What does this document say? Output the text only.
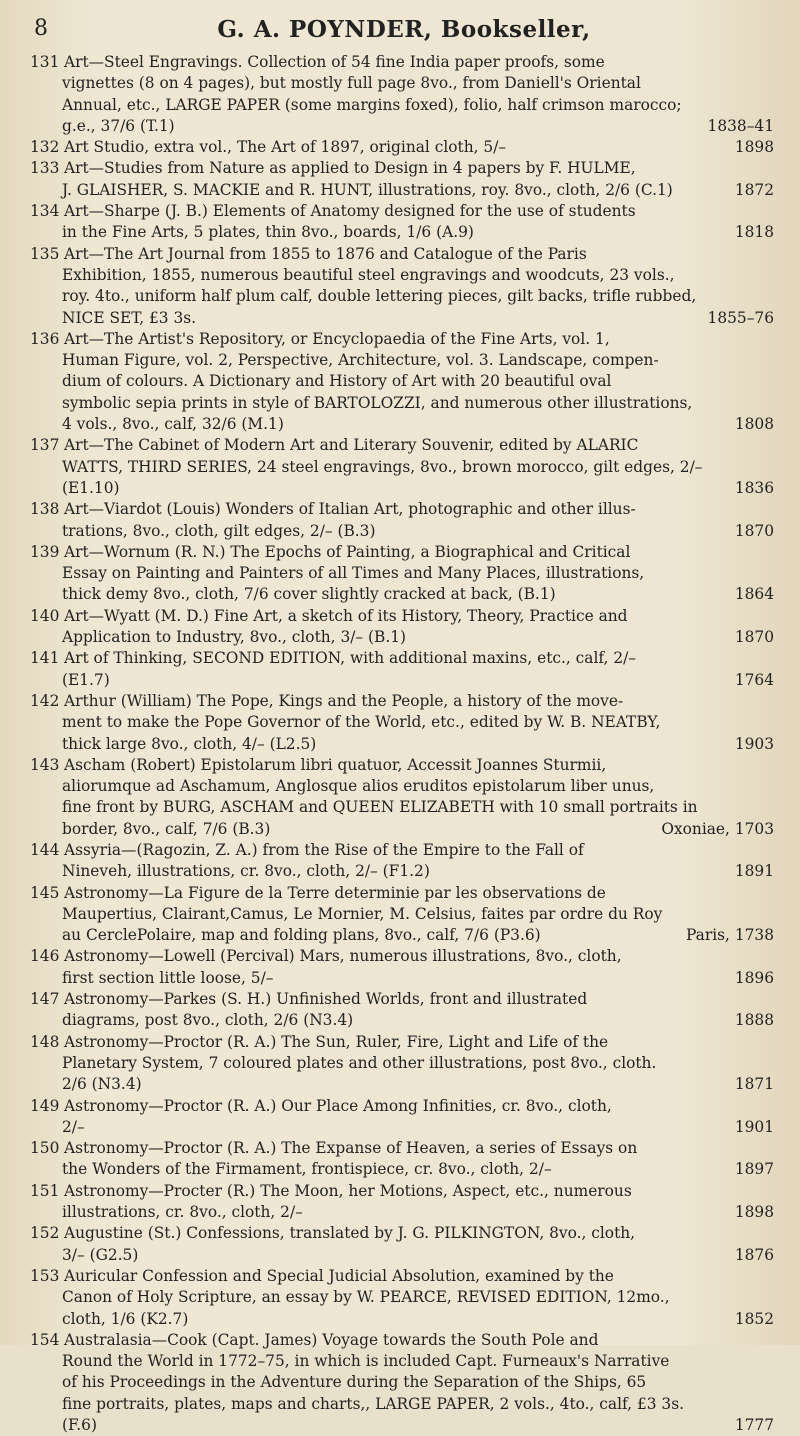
8	G. A. POYNDER, Bookseller,
131 Art—Steel Engravings. Collection of 54 fine India paper proofs, some
vignettes (8 on 4 pages), but mostly full page 8vo., from Daniell's Oriental
Annual, etc., LARGE PAPER (some margins foxed), folio, half crimson marocco;
1838–41
g.e., 37/6 (T.1)
132	1898
Art Studio, extra vol., The Art of 1897, original cloth, 5/–
133 Art—Studies from Nature as applied to Design in 4 papers by F. HULME,
1872
J. GLAISHER, S. MACKIE and R. HUNT, illustrations, roy. 8vo., cloth, 2/6 (C.1)
134 Art—Sharpe (J. B.) Elements of Anatomy designed for the use of students
1818
in the Fine Arts, 5 plates, thin 8vo., boards, 1/6 (A.9)
135 Art—The Art Journal from 1855 to 1876 and Catalogue of the Paris
Exhibition, 1855, numerous beautiful steel engravings and woodcuts, 23 vols.,
roy. 4to., uniform half plum calf, double lettering pieces, gilt backs, trifle rubbed,
1855–76
NICE SET, £3 3s.
136 Art—The Artist's Repository, or Encyclopaedia of the Fine Arts, vol. 1,
Human Figure, vol. 2, Perspective, Architecture, vol. 3. Landscape, compen-
dium of colours. A Dictionary and History of Art with 20 beautiful oval
symbolic sepia prints in style of BARTOLOZZI, and numerous other illustrations,
1808
4 vols., 8vo., calf, 32/6 (M.1)
137 Art—The Cabinet of Modern Art and Literary Souvenir, edited by ALARIC
WATTS, THIRD SERIES, 24 steel engravings, 8vo., brown morocco, gilt edges, 2/–
1836
(E1.10)
138 Art—Viardot (Louis) Wonders of Italian Art, photographic and other illus-
1870
trations, 8vo., cloth, gilt edges, 2/– (B.3)
139 Art—Wornum (R. N.) The Epochs of Painting, a Biographical and Critical
Essay on Painting and Painters of all Times and Many Places, illustrations,
1864
thick demy 8vo., cloth, 7/6 cover slightly cracked at back, (B.1)
140 Art—Wyatt (M. D.) Fine Art, a sketch of its History, Theory, Practice and
1870
Application to Industry, 8vo., cloth, 3/– (B.1)
141 Art of Thinking, SECOND EDITION, with additional maxins, etc., calf, 2/–
1764
(E1.7)
142 Arthur (William) The Pope, Kings and the People, a history of the move-
ment to make the Pope Governor of the World, etc., edited by W. B. NEATBY,
1903
thick large 8vo., cloth, 4/– (L2.5)
143 Ascham (Robert) Epistolarum libri quatuor, Accessit Joannes Sturmii,
aliorumque ad Aschamum, Anglosque alios eruditos epistolarum liber unus,
fine front by BURG, ASCHAM and QUEEN ELIZABETH with 10 small portraits in
Oxoniae, 1703
border, 8vo., calf, 7/6 (B.3)
144 Assyria—(Ragozin, Z. A.) from the Rise of the Empire to the Fall of
1891
Nineveh, illustrations, cr. 8vo., cloth, 2/– (F1.2)
145 Astronomy—La Figure de la Terre determinie par les observations de
Maupertius, Clairant,Camus, Le Mornier, M. Celsius, faites par ordre du Roy
Paris, 1738
au CerclePolaire, map and folding plans, 8vo., calf, 7/6 (P3.6)
146 Astronomy—Lowell (Percival) Mars, numerous illustrations, 8vo., cloth,
1896
first section little loose, 5/–
147 Astronomy—Parkes (S. H.) Unfinished Worlds, front and illustrated
1888
diagrams, post 8vo., cloth, 2/6 (N3.4)
148 Astronomy—Proctor (R. A.) The Sun, Ruler, Fire, Light and Life of the
Planetary System, 7 coloured plates and other illustrations, post 8vo., cloth.
1871
2/6 (N3.4)
149 Astronomy—Proctor (R. A.) Our Place Among Infinities, cr. 8vo., cloth,
1901
2/–
150 Astronomy—Proctor (R. A.) The Expanse of Heaven, a series of Essays on
1897
the Wonders of the Firmament, frontispiece, cr. 8vo., cloth, 2/–
151 Astronomy—Procter (R.) The Moon, her Motions, Aspect, etc., numerous
1898
illustrations, cr. 8vo., cloth, 2/–
152 Augustine (St.) Confessions, translated by J. G. PILKINGTON, 8vo., cloth,
1876
3/– (G2.5)
153 Auricular Confession and Special Judicial Absolution, examined by the
Canon of Holy Scripture, an essay by W. PEARCE, REVISED EDITION, 12mo.,
1852
cloth, 1/6 (K2.7)
154 Australasia—Cook (Capt. James) Voyage towards the South Pole and
Round the World in 1772–75, in which is included Capt. Furneaux's Narrative
of his Proceedings in the Adventure during the Separation of the Ships, 65
fine portraits, plates, maps and charts,, LARGE PAPER, 2 vols., 4to., calf, £3 3s.
1777
(F.6)
